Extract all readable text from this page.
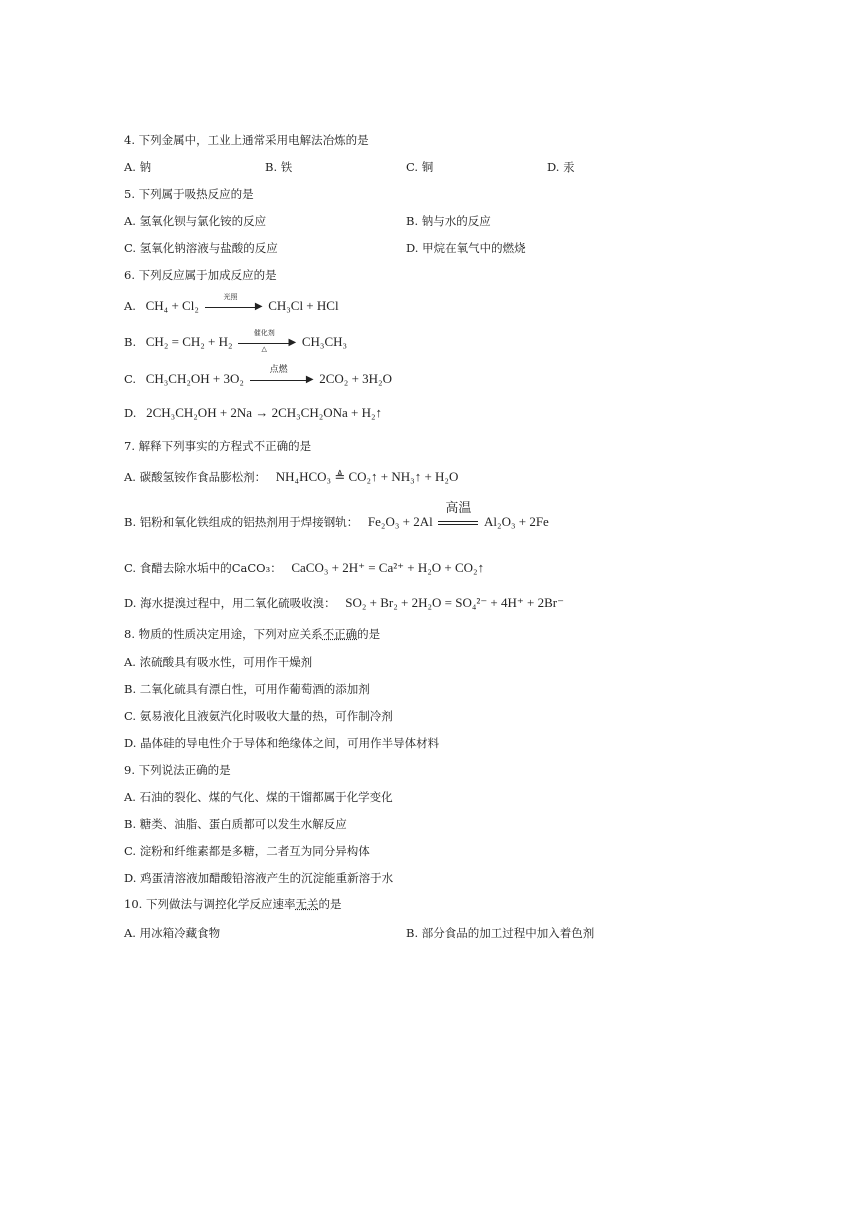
4. 下列金属中，工业上通常采用电解法冶炼的是
A. 钠	B. 铁	C. 铜	D. 汞
5. 下列属于吸热反应的是
A. 氢氧化钡与氯化铵的反应	B. 钠与水的反应
C. 氢氧化钠溶液与盐酸的反应	D. 甲烷在氧气中的燃烧
6. 下列反应属于加成反应的是
A. CH₄ + Cl₂
光照
▶ CH₃Cl + HCl
B. CH₂ = CH₂ + H₂
催化剂
▶
△	CH₃CH₃
C. CH₃CH₂OH + 3O₂
点燃
▶ 2CO₂ + 3H₂O
D. 2CH₃CH₂OH + 2Na → 2CH₃CH₂ONa + H₂↑
7. 解释下列事实的方程式不正确的是
A. 碳酸氢铵作食品膨松剂： NH₄HCO₃ ≜ CO₂↑ + NH₃↑ + H₂O
B. 铝粉和氧化铁组成的铝热剂用于焊接钢轨： Fe₂O₃ + 2Al
高温
Al₂O₃ + 2Fe
C. 食醋去除水垢中的CaCO₃： CaCO₃ + 2H⁺ = Ca²⁺ + H₂O + CO₂↑
D. 海水提溴过程中，用二氧化硫吸收溴： SO₂ + Br₂ + 2H₂O = SO₄²⁻ + 4H⁺ + 2Br⁻
8. 物质的性质决定用途，下列对应关系不正确的是
A. 浓硫酸具有吸水性，可用作干燥剂
B. 二氧化硫具有漂白性，可用作葡萄酒的添加剂
C. 氨易液化且液氨汽化时吸收大量的热，可作制冷剂
D. 晶体硅的导电性介于导体和绝缘体之间，可用作半导体材料
9. 下列说法正确的是
A. 石油的裂化、煤的气化、煤的干馏都属于化学变化
B. 糖类、油脂、蛋白质都可以发生水解反应
C. 淀粉和纤维素都是多糖，二者互为同分异构体
D. 鸡蛋清溶液加醋酸铅溶液产生的沉淀能重新溶于水
10. 下列做法与调控化学反应速率无关的是
A. 用冰箱冷藏食物	B. 部分食品的加工过程中加入着色剂
